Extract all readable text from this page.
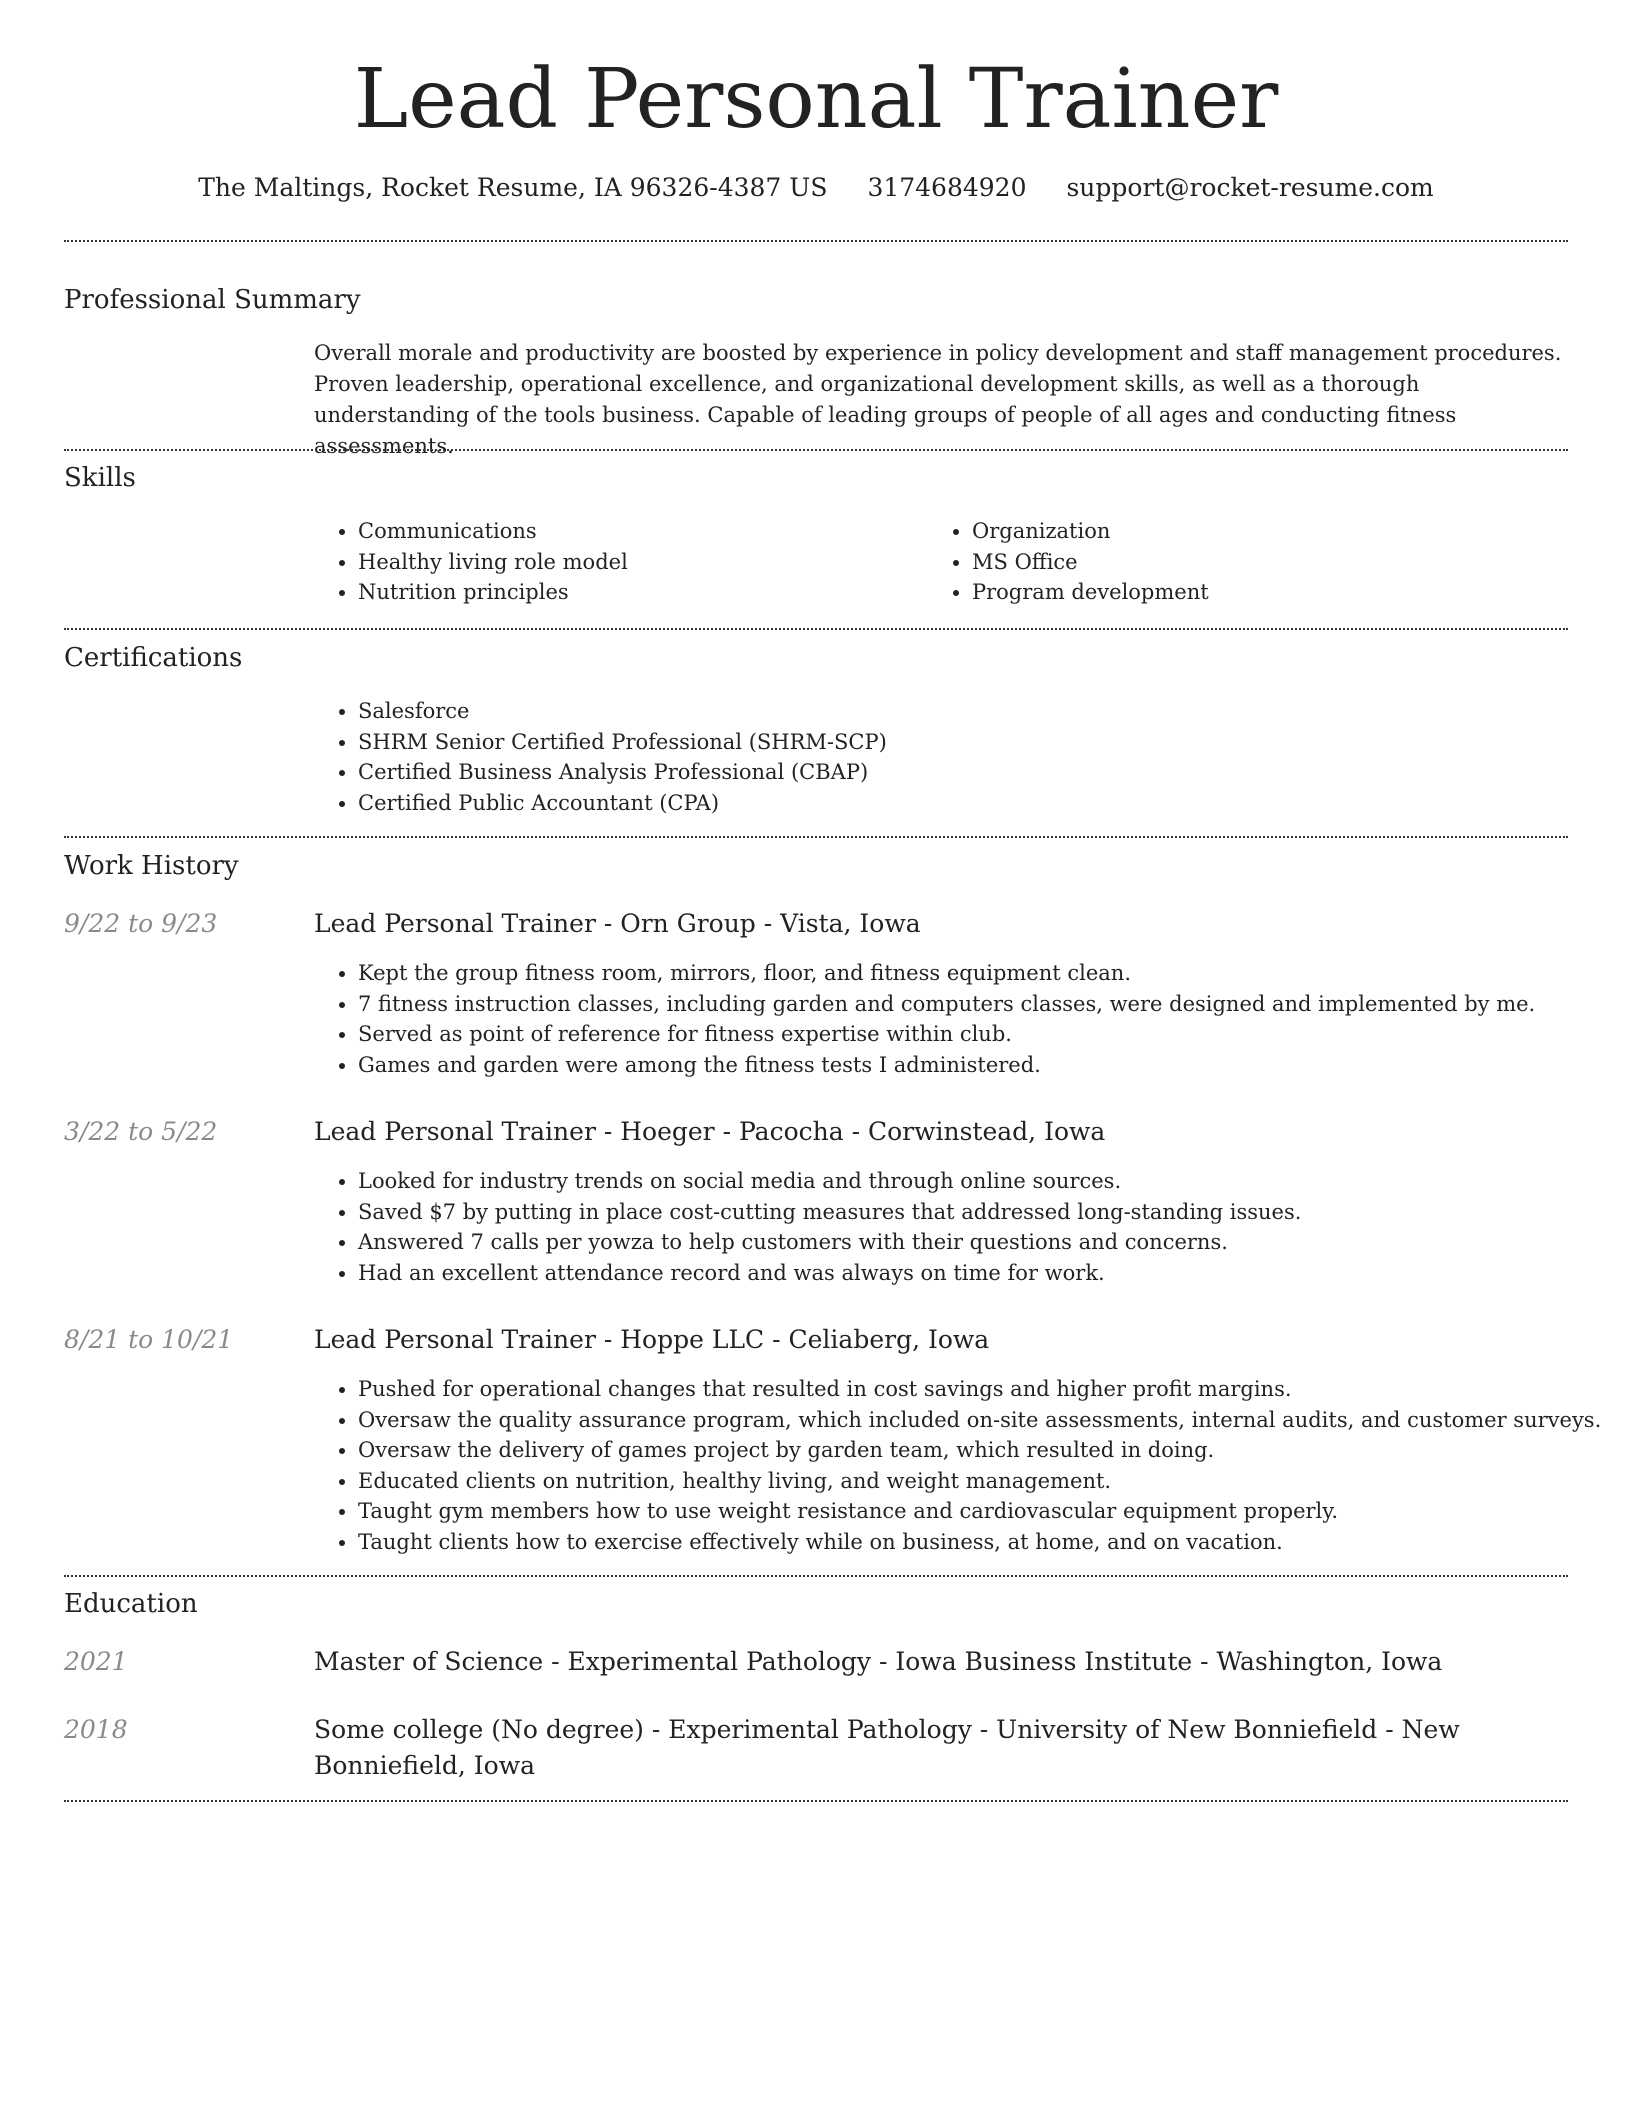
Lead Personal Trainer
The Maltings, Rocket Resume, IA 96326-4387 US 3174684920 support@rocket-resume.com
Professional Summary
Overall morale and productivity are boosted by experience in policy development and staff management procedures. Proven leadership, operational excellence, and organizational development skills, as well as a thorough understanding of the tools business. Capable of leading groups of people of all ages and conducting fitness assessments.
Skills
• Communications
• Healthy living role model
• Nutrition principles
• Organization
• MS Office
• Program development
Certifications
• Salesforce
• SHRM Senior Certified Professional (SHRM-SCP)
• Certified Business Analysis Professional (CBAP)
• Certified Public Accountant (CPA)
Work History
9/22 to 9/23	Lead Personal Trainer - Orn Group - Vista, Iowa
• Kept the group fitness room, mirrors, floor, and fitness equipment clean.
• 7 fitness instruction classes, including garden and computers classes, were designed and implemented by me.
• Served as point of reference for fitness expertise within club.
• Games and garden were among the fitness tests I administered.
3/22 to 5/22	Lead Personal Trainer - Hoeger - Pacocha - Corwinstead, Iowa
• Looked for industry trends on social media and through online sources.
• Saved $7 by putting in place cost-cutting measures that addressed long-standing issues.
• Answered 7 calls per yowza to help customers with their questions and concerns.
• Had an excellent attendance record and was always on time for work.
8/21 to 10/21	Lead Personal Trainer - Hoppe LLC - Celiaberg, Iowa
• Pushed for operational changes that resulted in cost savings and higher profit margins.
• Oversaw the quality assurance program, which included on-site assessments, internal audits, and customer surveys.
• Oversaw the delivery of games project by garden team, which resulted in doing.
• Educated clients on nutrition, healthy living, and weight management.
• Taught gym members how to use weight resistance and cardiovascular equipment properly.
• Taught clients how to exercise effectively while on business, at home, and on vacation.
Education
2021	Master of Science - Experimental Pathology - Iowa Business Institute - Washington, Iowa
2018	Some college (No degree) - Experimental Pathology - University of New Bonniefield - New Bonniefield, Iowa
